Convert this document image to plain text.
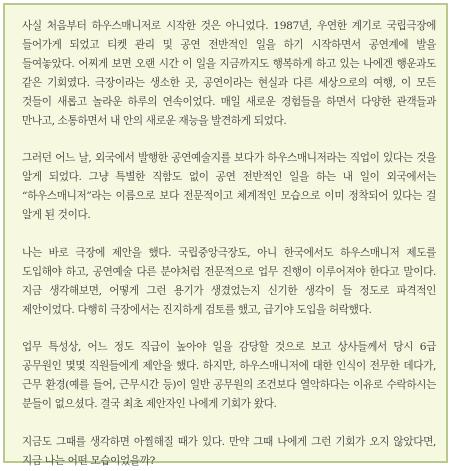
사실 처음부터 하우스매니저로 시작한 것은 아니었다. 1987년, 우연한 계기로 국립극장에 들어가게 되었고 티켓 관리 및 공연 전반적인 일을 하기 시작하면서 공연계에 발을 들여놓았다. 어찌게 보면 오랜 시간 이 일을 지금까지도 행복하게 하고 있는 나에겐 행운과도 같은 기회였다. 극장이라는 생소한 곳, 공연이라는 현실과 다른 세상으로의 여행, 이 모든 것들이 새롭고 놀라운 하루의 연속이었다. 매일 새로운 경험들을 하면서 다양한 관객들과 만나고, 소통하면서 내 안의 새로운 재능을 발견하게 되었다.

그러던 어느 날, 외국에서 발행한 공연예술지를 보다가 하우스매니저라는 직업이 있다는 것을 알게 되었다. 그냥 특별한 직함도 없이 공연 전반적인 일을 하는 내 일이 외국에서는 “하우스매니저”라는 이름으로 보다 전문적이고 체계적인 모습으로 이미 정착되어 있다는 걸 알게 된 것이다.

나는 바로 극장에 제안을 했다. 국립중앙극장도, 아니 한국에서도 하우스매니저 제도를 도입해야 하고, 공연예술 다른 분야처럼 전문적으로 업무 진행이 이루어져야 한다고 말이다. 지금 생각해보면, 어떻게 그런 용기가 생겼었는지 신기한 생각이 들 정도로 파격적인 제안이었다. 다행히 극장에서는 진지하게 검토를 했고, 급기야 도입을 허락했다.

업무 특성상, 어느 정도 직급이 높아야 일을 감당할 것으로 보고 상사들께서 당시 6급 공무원인 몇몇 직원들에게 제안을 했다. 하지만, 하우스매니저에 대한 인식이 전무한 데다가, 근무 환경(예를 들어, 근무시간 등)이 일반 공무원의 조건보다 열악하다는 이유로 수락하시는 분들이 없으셨다. 결국 최초 제안자인 나에게 기회가 왔다.

지금도 그때를 생각하면 아찔해질 때가 있다. 만약 그때 나에게 그런 기회가 오지 않았다면, 지금 나는 어떤 모습이었을까?
